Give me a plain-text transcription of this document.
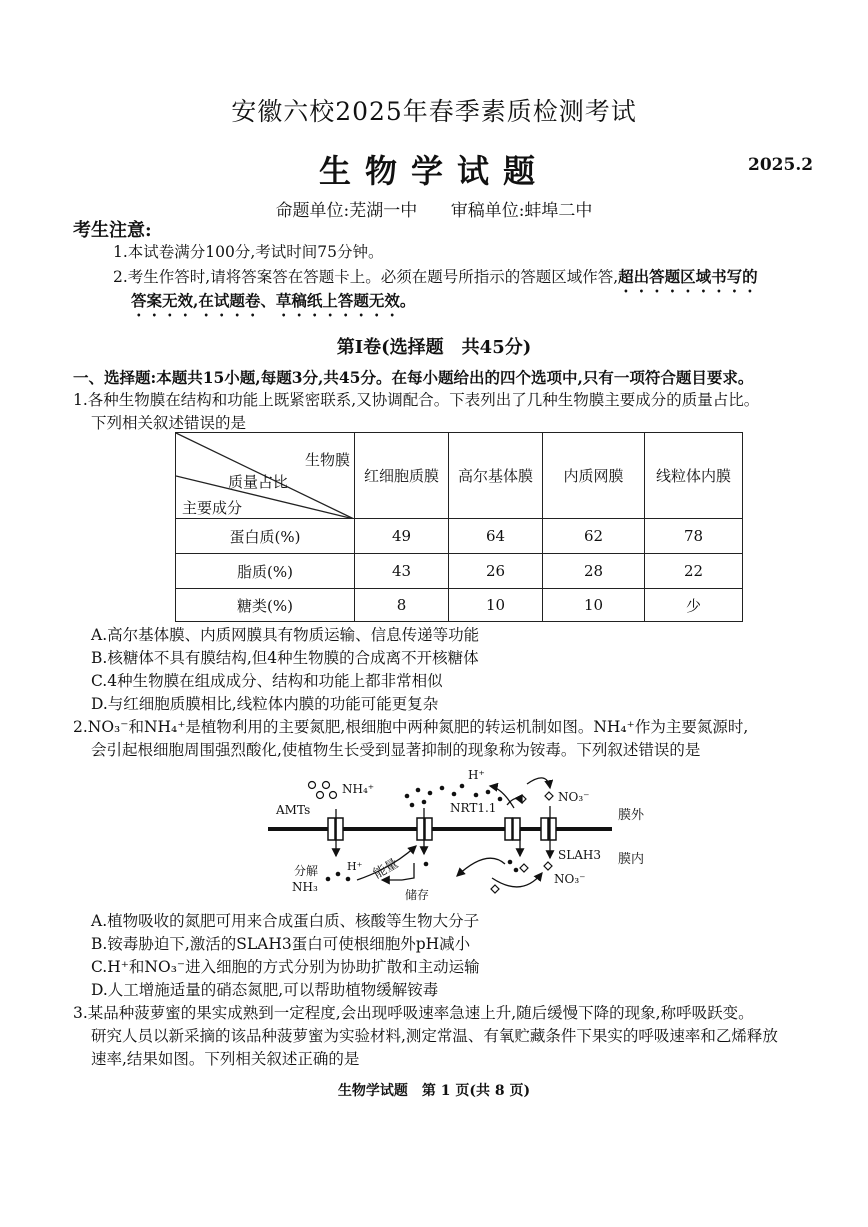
安徽六校2025年春季素质检测考试
生物学试题	2025.2
命题单位:芜湖一中 审稿单位:蚌埠二中
考生注意:
1.本试卷满分100分,考试时间75分钟。
2.考生作答时,请将答案答在答题卡上。必须在题号所指示的答题区域作答,超出答题区域书写的
答案无效,在试题卷、草稿纸上答题无效。
第Ⅰ卷(选择题　共45分)
一、选择题:本题共15小题,每题3分,共45分。在每小题给出的四个选项中,只有一项符合题目要求。
1.各种生物膜在结构和功能上既紧密联系,又协调配合。下表列出了几种生物膜主要成分的质量占比。
下列相关叙述错误的是
生物膜
质量占比
主要成分	红细胞质膜	高尔基体膜	内质网膜	线粒体内膜
蛋白质(%)	49	64	62	78
脂质(%)	43	26	28	22
糖类(%)	8	10	10	少
A.高尔基体膜、内质网膜具有物质运输、信息传递等功能
B.核糖体不具有膜结构,但4种生物膜的合成离不开核糖体
C.4种生物膜在组成成分、结构和功能上都非常相似
D.与红细胞质膜相比,线粒体内膜的功能可能更复杂
2.NO₃⁻和NH₄⁺是植物利用的主要氮肥,根细胞中两种氮肥的转运机制如图。NH₄⁺作为主要氮源时,
会引起根细胞周围强烈酸化,使植物生长受到显著抑制的现象称为铵毒。下列叙述错误的是
AMTs
NH₄⁺
H⁺
NRT1.1
NO₃⁻
膜外
SLAH3 膜内
分解	H⁺
NH₃
能量
储存
NO₃⁻
A.植物吸收的氮肥可用来合成蛋白质、核酸等生物大分子
B.铵毒胁迫下,激活的SLAH3蛋白可使根细胞外pH减小
C.H⁺和NO₃⁻进入细胞的方式分别为协助扩散和主动运输
D.人工增施适量的硝态氮肥,可以帮助植物缓解铵毒
3.某品种菠萝蜜的果实成熟到一定程度,会出现呼吸速率急速上升,随后缓慢下降的现象,称呼吸跃变。
研究人员以新采摘的该品种菠萝蜜为实验材料,测定常温、有氧贮藏条件下果实的呼吸速率和乙烯释放
速率,结果如图。下列相关叙述正确的是
生物学试题　第 1 页(共 8 页)
